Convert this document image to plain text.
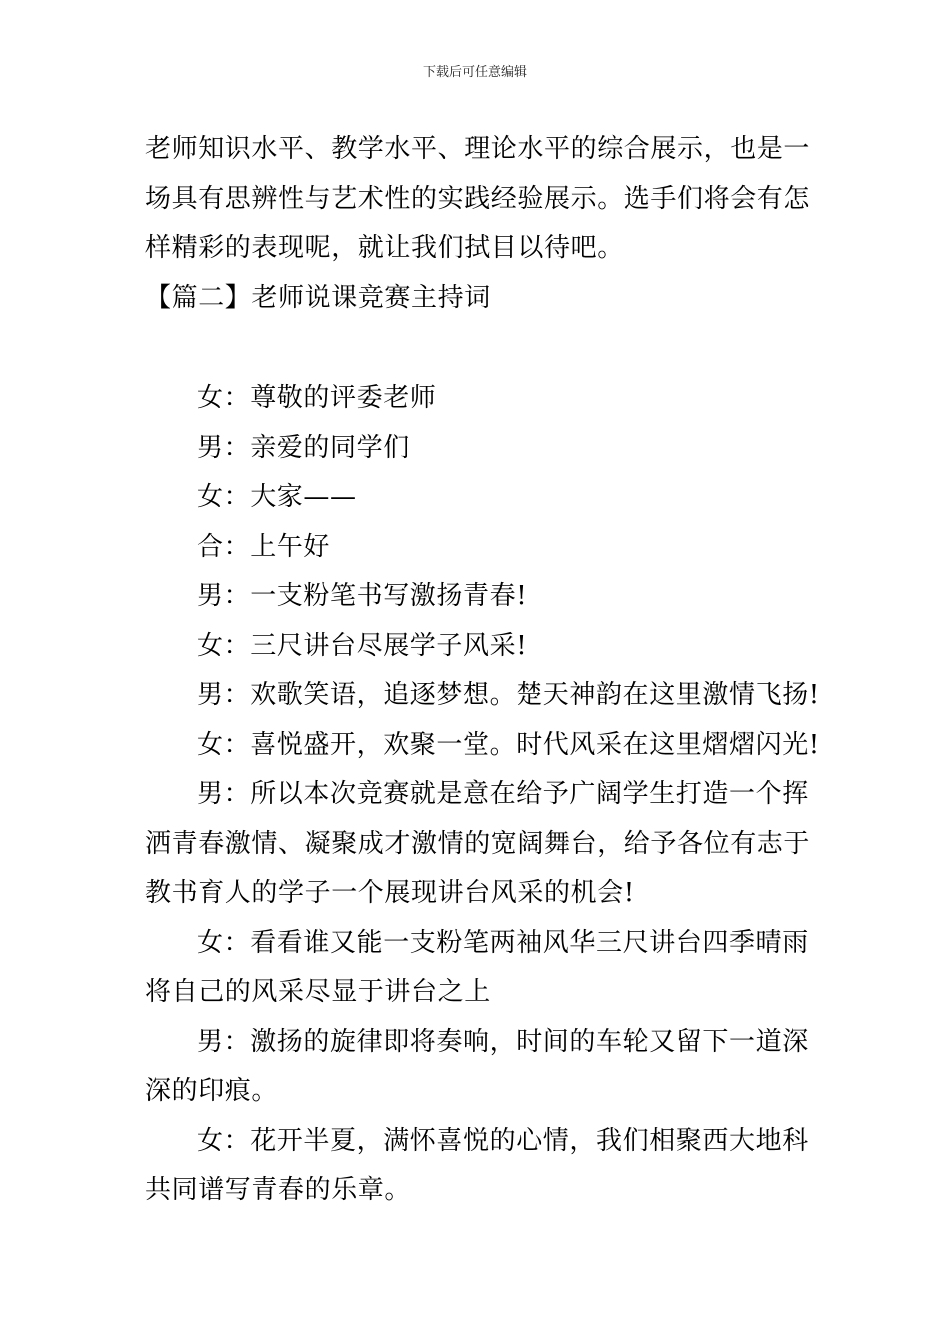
下载后可任意编辑
老师知识水平、教学水平、理论水平的综合展示，也是一
场具有思辨性与艺术性的实践经验展示。选手们将会有怎
样精彩的表现呢，就让我们拭目以待吧。
【篇二】老师说课竞赛主持词
女：尊敬的评委老师
男：亲爱的同学们
女：大家——
合：上午好
男：一支粉笔书写激扬青春!
女：三尺讲台尽展学子风采!
男：欢歌笑语，追逐梦想。楚天神韵在这里激情飞扬!
女：喜悦盛开，欢聚一堂。时代风采在这里熠熠闪光!
男：所以本次竞赛就是意在给予广阔学生打造一个挥
洒青春激情、凝聚成才激情的宽阔舞台，给予各位有志于
教书育人的学子一个展现讲台风采的机会!
女：看看谁又能一支粉笔两袖风华三尺讲台四季晴雨
将自己的风采尽显于讲台之上
男：激扬的旋律即将奏响，时间的车轮又留下一道深
深的印痕。
女：花开半夏，满怀喜悦的心情，我们相聚西大地科
共同谱写青春的乐章。
